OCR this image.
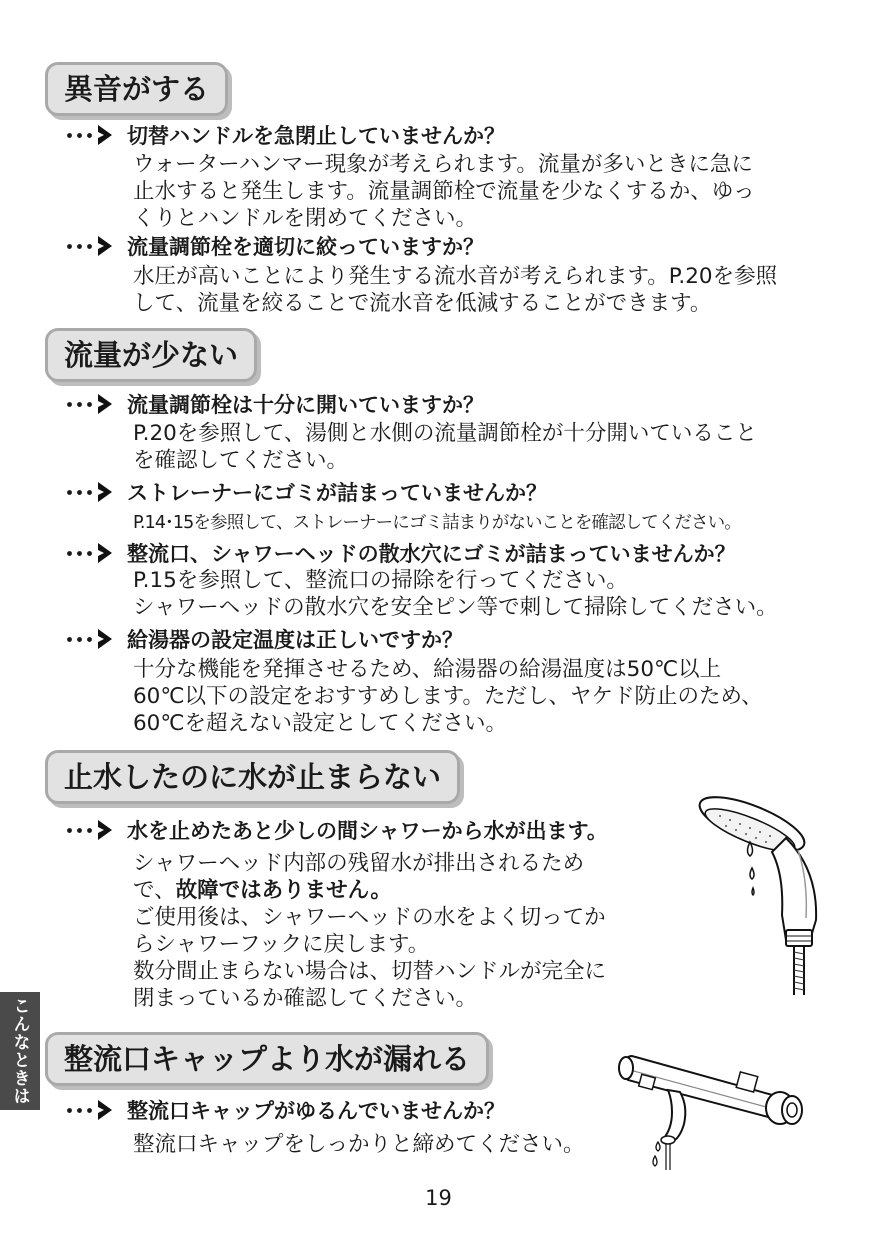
異音がする
･･･ 切替ハンドルを急閉止していませんか？
ウォーターハンマー現象が考えられます。流量が多いときに急に
止水すると発生します。流量調節栓で流量を少なくするか、ゆっ
くりとハンドルを閉めてください。
･･･ 流量調節栓を適切に絞っていますか？
水圧が高いことにより発生する流水音が考えられます。P.20を参照
して、流量を絞ることで流水音を低減することができます。
流量が少ない
･･･ 流量調節栓は十分に開いていますか？
P.20を参照して、湯側と水側の流量調節栓が十分開いていること
を確認してください。
･･･ ストレーナーにゴミが詰まっていませんか？
P.14･15を参照して、ストレーナーにゴミ詰まりがないことを確認してください。
･･･ 整流口、シャワーヘッドの散水穴にゴミが詰まっていませんか？
P.15を参照して、整流口の掃除を行ってください。
シャワーヘッドの散水穴を安全ピン等で刺して掃除してください。
･･･ 給湯器の設定温度は正しいですか？
十分な機能を発揮させるため、給湯器の給湯温度は50℃以上
60℃以下の設定をおすすめします。ただし、ヤケド防止のため、
60℃を超えない設定としてください。
止水したのに水が止まらない
･･･ 水を止めたあと少しの間シャワーから水が出ます。
シャワーヘッド内部の残留水が排出されるため
で、故障ではありません。
ご使用後は、シャワーヘッドの水をよく切ってか
らシャワーフックに戻します。
数分間止まらない場合は、切替ハンドルが完全に
閉まっているか確認してください。
整流口キャップより水が漏れる
･･･ 整流口キャップがゆるんでいませんか？
整流口キャップをしっかりと締めてください。
こんなときは
19
